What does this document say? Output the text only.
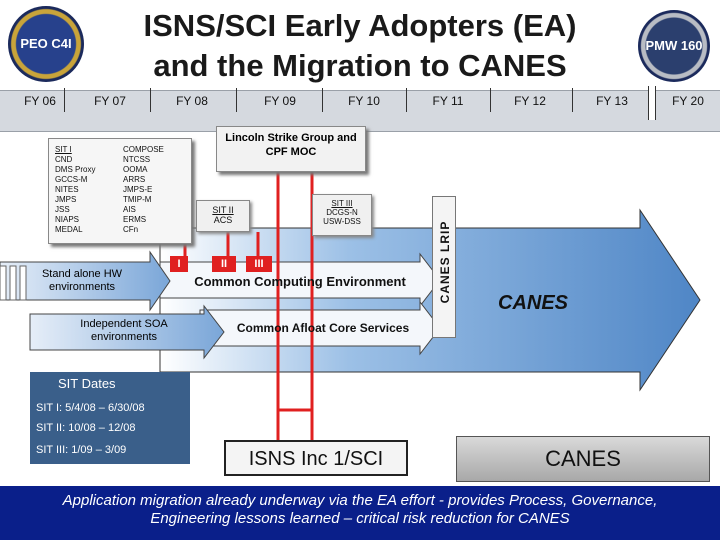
PEO C4I	PMW 160
ISNS/SCI Early Adopters (EA)
and the Migration to CANES
FY 06	FY 07	FY 08	FY 09	FY 10	FY 11	FY 12	FY 13	FY 20
SIT I
CND
DMS Proxy
GCCS-M
NITES
JMPS
JSS
NIAPS
MEDAL
COMPOSE
NTCSS
OOMA
ARRS
JMPS-E
TMIP-M
AIS
ERMS
CFn
Lincoln Strike Group and CPF MOC
SIT II
ACS
SIT III
DCGS-N
USW-DSS
I	II	III
Stand alone HW environments
Independent SOA environments
Common Computing Environment
Common Afloat Core Services
CANES
CANES LRIP
SIT Dates
SIT I: 5/4/08 – 6/30/08
SIT II: 10/08 – 12/08
SIT III: 1/09 – 3/09	ISNS Inc 1/SCI	CANES
Application migration already underway via the EA effort - provides Process, Governance,
Engineering lessons learned – critical risk reduction for CANES
